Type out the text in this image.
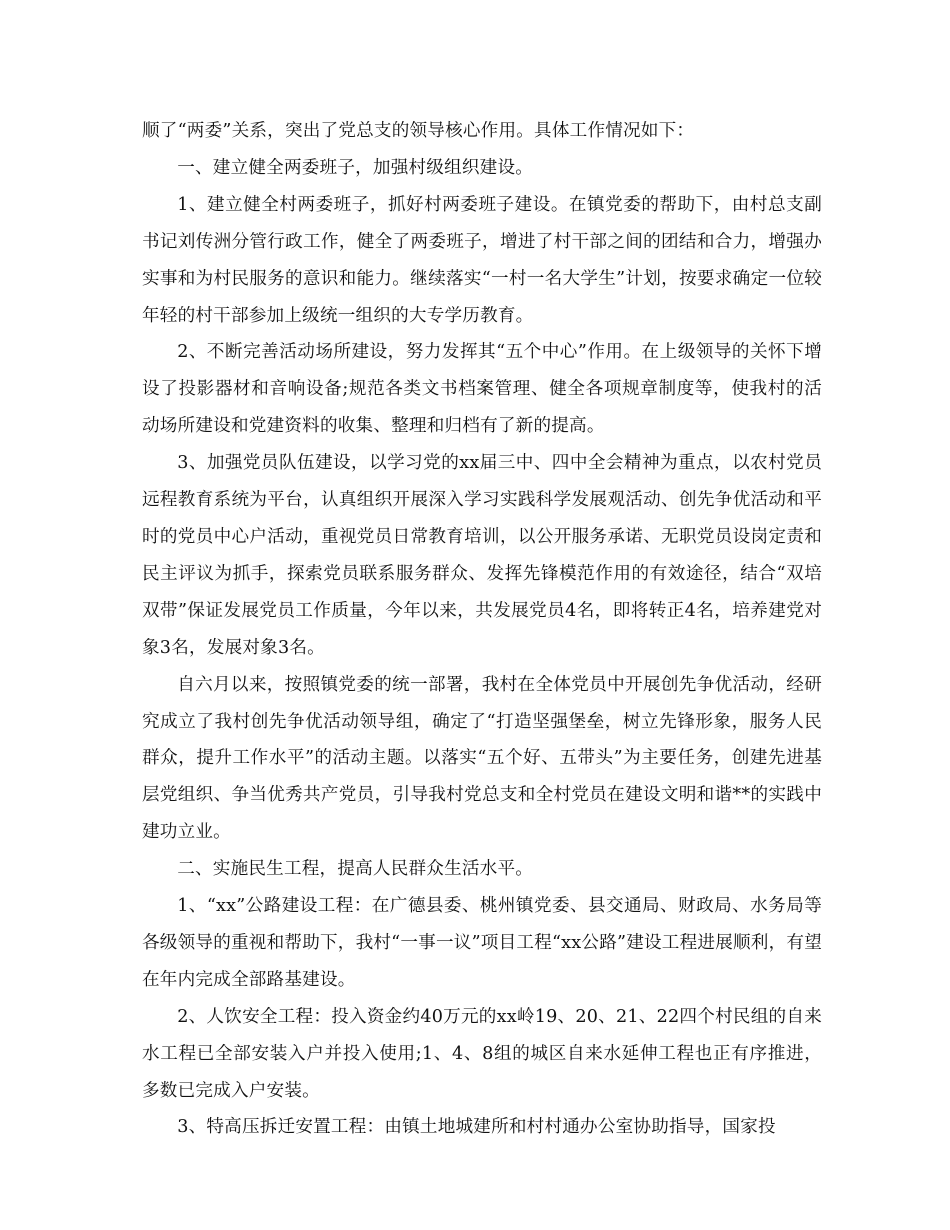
顺了“两委”关系，突出了党总支的领导核心作用。具体工作情况如下：

一、建立健全两委班子，加强村级组织建设。

1、建立健全村两委班子，抓好村两委班子建设。在镇党委的帮助下，由村总支副书记刘传洲分管行政工作，健全了两委班子，增进了村干部之间的团结和合力，增强办实事和为村民服务的意识和能力。继续落实“一村一名大学生”计划，按要求确定一位较年轻的村干部参加上级统一组织的大专学历教育。

2、不断完善活动场所建设，努力发挥其“五个中心”作用。在上级领导的关怀下增设了投影器材和音响设备;规范各类文书档案管理、健全各项规章制度等，使我村的活动场所建设和党建资料的收集、整理和归档有了新的提高。

3、加强党员队伍建设，以学习党的xx届三中、四中全会精神为重点，以农村党员远程教育系统为平台，认真组织开展深入学习实践科学发展观活动、创先争优活动和平时的党员中心户活动，重视党员日常教育培训，以公开服务承诺、无职党员设岗定责和民主评议为抓手，探索党员联系服务群众、发挥先锋模范作用的有效途径，结合“双培双带”保证发展党员工作质量，今年以来，共发展党员4名，即将转正4名，培养建党对象3名，发展对象3名。

自六月以来，按照镇党委的统一部署，我村在全体党员中开展创先争优活动，经研究成立了我村创先争优活动领导组，确定了“打造坚强堡垒，树立先锋形象，服务人民群众，提升工作水平”的活动主题。以落实“五个好、五带头”为主要任务，创建先进基层党组织、争当优秀共产党员，引导我村党总支和全村党员在建设文明和谐**的实践中建功立业。

二、实施民生工程，提高人民群众生活水平。

1、“xx”公路建设工程：在广德县委、桃州镇党委、县交通局、财政局、水务局等各级领导的重视和帮助下，我村“一事一议”项目工程“xx公路”建设工程进展顺利，有望在年内完成全部路基建设。

2、人饮安全工程：投入资金约40万元的xx岭19、20、21、22四个村民组的自来水工程已全部安装入户并投入使用;1、4、8组的城区自来水延伸工程也正有序推进，多数已完成入户安装。

3、特高压拆迁安置工程：由镇土地城建所和村村通办公室协助指导，国家投
